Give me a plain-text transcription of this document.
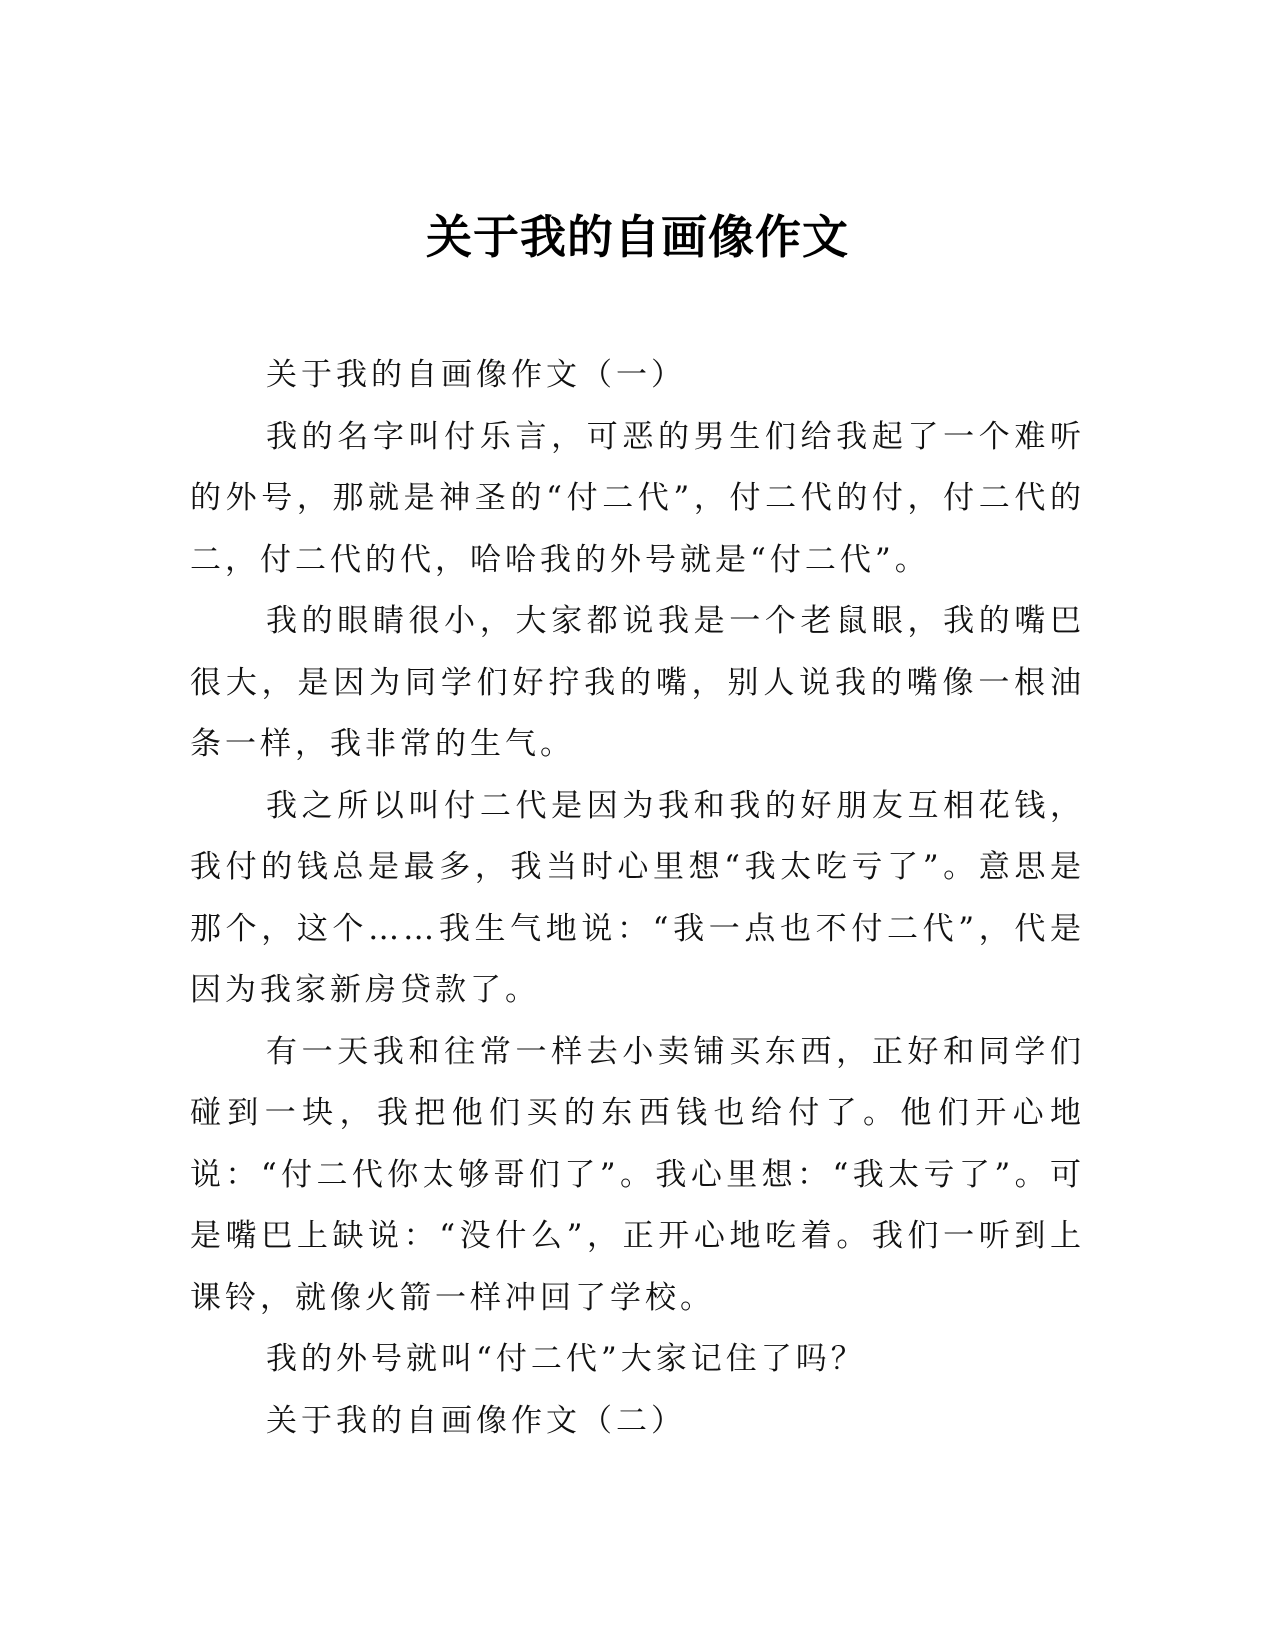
关于我的自画像作文

关于我的自画像作文（一）

我的名字叫付乐言，可恶的男生们给我起了一个难听的外号，那就是神圣的“付二代”，付二代的付，付二代的二，付二代的代，哈哈我的外号就是“付二代”。

我的眼睛很小，大家都说我是一个老鼠眼，我的嘴巴很大，是因为同学们好拧我的嘴，别人说我的嘴像一根油条一样，我非常的生气。

我之所以叫付二代是因为我和我的好朋友互相花钱，我付的钱总是最多，我当时心里想“我太吃亏了”。意思是那个，这个……我生气地说：“我一点也不付二代”，代是因为我家新房贷款了。

有一天我和往常一样去小卖铺买东西，正好和同学们碰到一块，我把他们买的东西钱也给付了。他们开心地说：“付二代你太够哥们了”。我心里想：“我太亏了”。可是嘴巴上缺说：“没什么”，正开心地吃着。我们一听到上课铃，就像火箭一样冲回了学校。

我的外号就叫“付二代”大家记住了吗？

关于我的自画像作文（二）
